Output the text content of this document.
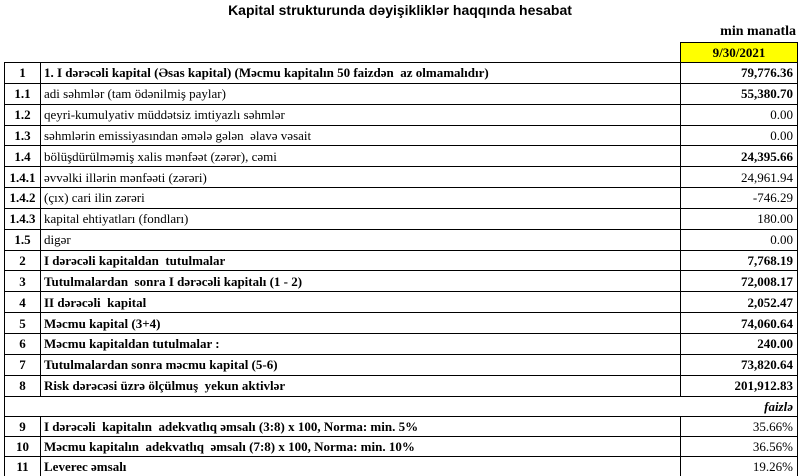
Kapital strukturunda dəyişikliklər haqqında hesabat
min manatla
		9/30/2021
1	1. I dərəcəli kapital (Əsas kapital) (Məcmu kapitalın 50 faizdən  az olmamalıdır)	79,776.36
1.1	adi səhmlər (tam ödənilmiş paylar)	55,380.70
1.2	qeyri-kumulyativ müddətsiz imtiyazlı səhmlər	0.00
1.3	səhmlərin emissiyasından əmələ gələn  əlavə vəsait	0.00
1.4	bölüşdürülməmiş xalis mənfəət (zərər), cəmi	24,395.66
1.4.1	əvvəlki illərin mənfəəti (zərəri)	24,961.94
1.4.2	(çıx) cari ilin zərəri	-746.29
1.4.3	kapital ehtiyatları (fondları)	180.00
1.5	digər	0.00
2	I dərəcəli kapitaldan  tutulmalar	7,768.19
3	Tutulmalardan  sonra I dərəcəli kapitalı (1 - 2)	72,008.17
4	II dərəcəli  kapital	2,052.47
5	Məcmu kapital (3+4)	74,060.64
6	Məcmu kapitaldan tutulmalar :	240.00
7	Tutulmalardan sonra məcmu kapital (5-6)	73,820.64
8	Risk dərəcəsi üzrə ölçülmuş  yekun aktivlər	201,912.83
faizlə		
9	I dərəcəli  kapitalın  adekvatlıq əmsalı (3:8) x 100, Norma: min. 5%	35.66%
10	Məcmu kapitalın  adekvatlıq  əmsalı (7:8) x 100, Norma: min. 10%	36.56%
11	Leverec əmsalı	19.26%
